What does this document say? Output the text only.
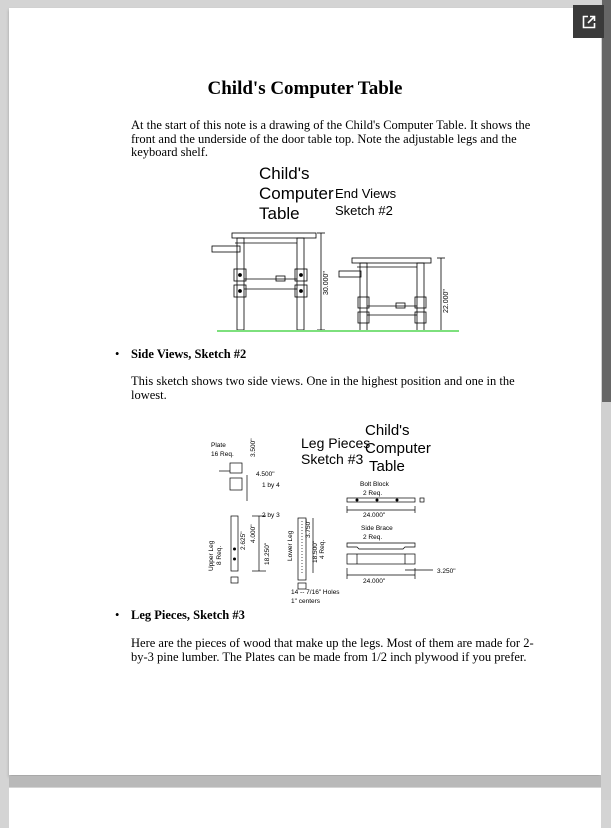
Child's Computer Table
At the start of this note is a drawing of the Child's Computer Table. It shows the
front and the underside of the door table top. Note the adjustable legs and the
keyboard shelf.
Child's
Computer
Table
End Views
Sketch #2
30.000"
22.000"
• Side Views, Sketch #2
This sketch shows two side views. One in the highest position and one in the
lowest.
Leg Pieces
Sketch #3
Child's
Computer
Table
Plate
16 Req. 3.500"
4.500"
1 by 4
2 by 3
Upper Leg 8 Req.
2.625" 4.000"
18.250" Lower Leg
3.750"
18.500" 4 Req.
14 -- 7/16" Holes
1" centers
Bolt Block
2 Req.
24.000"
Side Brace
2 Req.
24.000"
3.250"
• Leg Pieces, Sketch #3
Here are the pieces of wood that make up the legs. Most of them are made for 2-
by-3 pine lumber. The Plates can be made from 1/2 inch plywood if you prefer.
